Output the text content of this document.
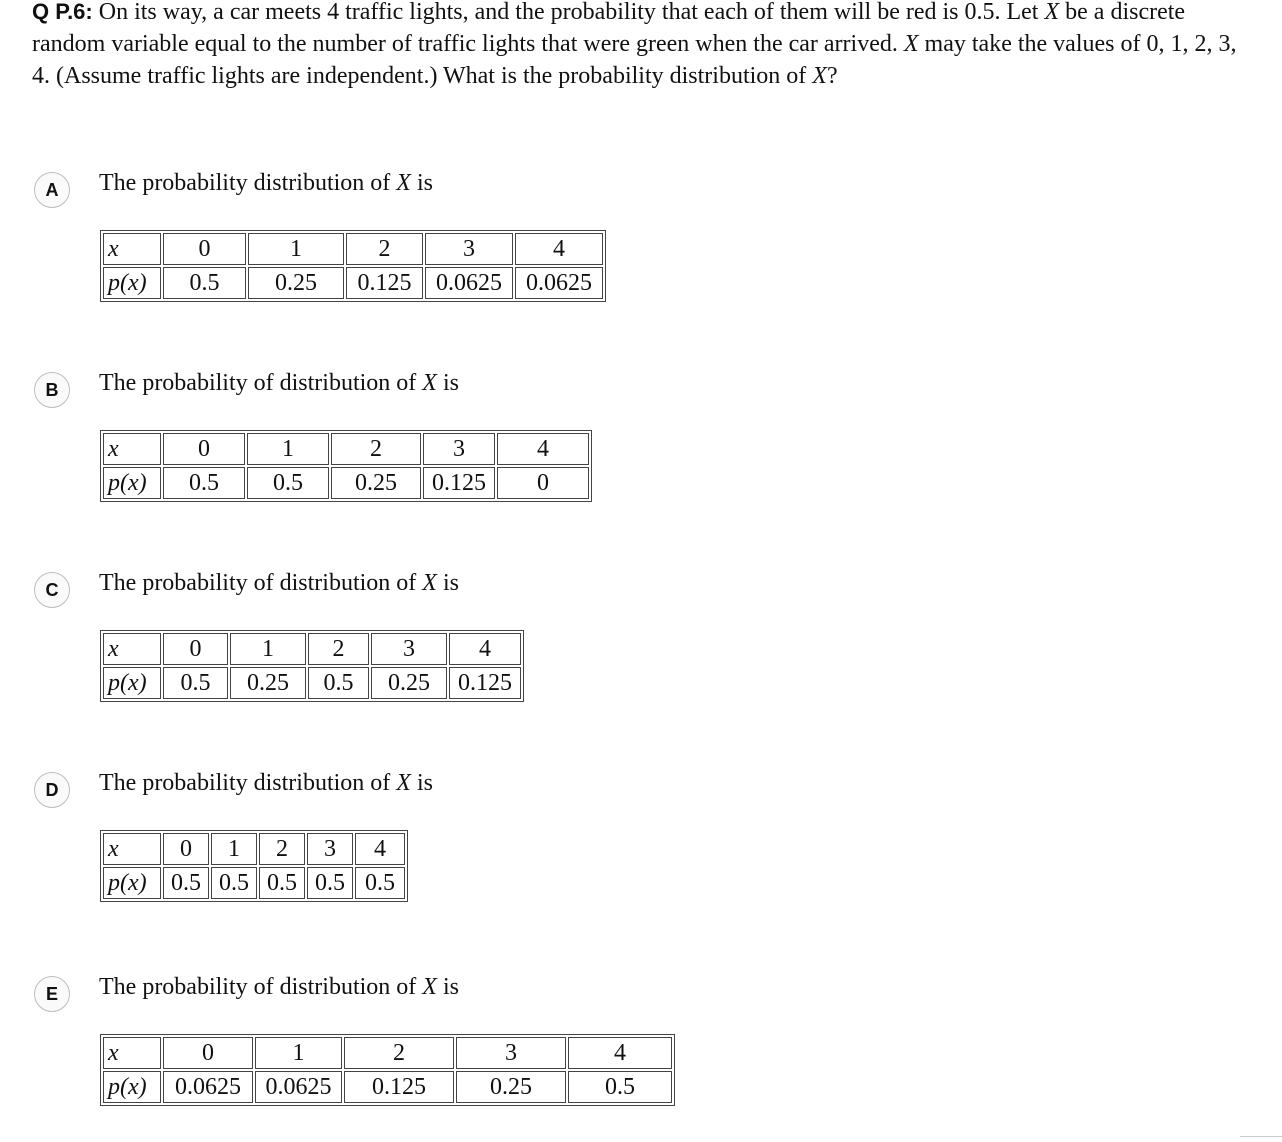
Q P.6: On its way, a car meets 4 traffic lights, and the probability that each of them will be red is 0.5. Let X be a discrete random variable equal to the number of traffic lights that were green when the car arrived. X may take the values of 0, 1, 2, 3, 4. (Assume traffic lights are independent.) What is the probability distribution of X?

A	The probability distribution of X is
x	0	1	2	3	4
p(x)	0.5	0.25	0.125	0.0625	0.0625
B	The probability of distribution of X is
x	0	1	2	3	4
p(x)	0.5	0.5	0.25	0.125	0
C	The probability of distribution of X is
x	0	1	2	3	4
p(x)	0.5	0.25	0.5	0.25	0.125
D	The probability distribution of X is
x	0	1	2	3	4
p(x)	0.5	0.5	0.5	0.5	0.5
E	The probability of distribution of X is
x	0	1	2	3	4
p(x)	0.0625	0.0625	0.125	0.25	0.5
